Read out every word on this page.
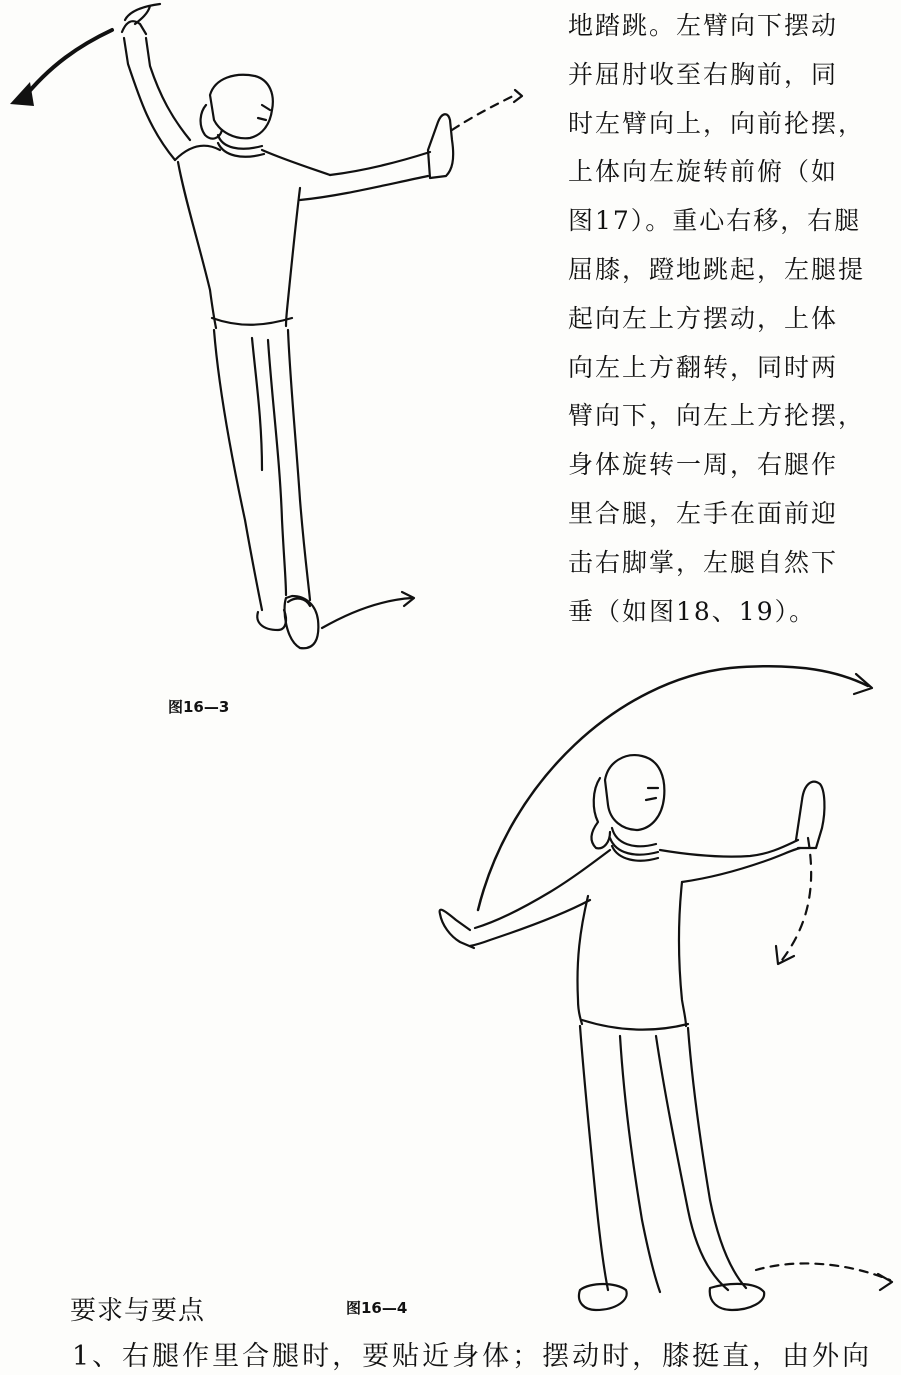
地踏跳。左臂向下摆动
并屈肘收至右胸前，同
时左臂向上，向前抡摆，
上体向左旋转前俯（如
图17）。重心右移，右腿
屈膝，蹬地跳起，左腿提
起向左上方摆动，上体
向左上方翻转，同时两
臂向下，向左上方抡摆，
身体旋转一周，右腿作
里合腿，左手在面前迎
击右脚掌，左腿自然下
垂（如图18、19）。
图16—3
图16—4
要求与要点
1、右腿作里合腿时，要贴近身体；摆动时，膝挺直，由外向
